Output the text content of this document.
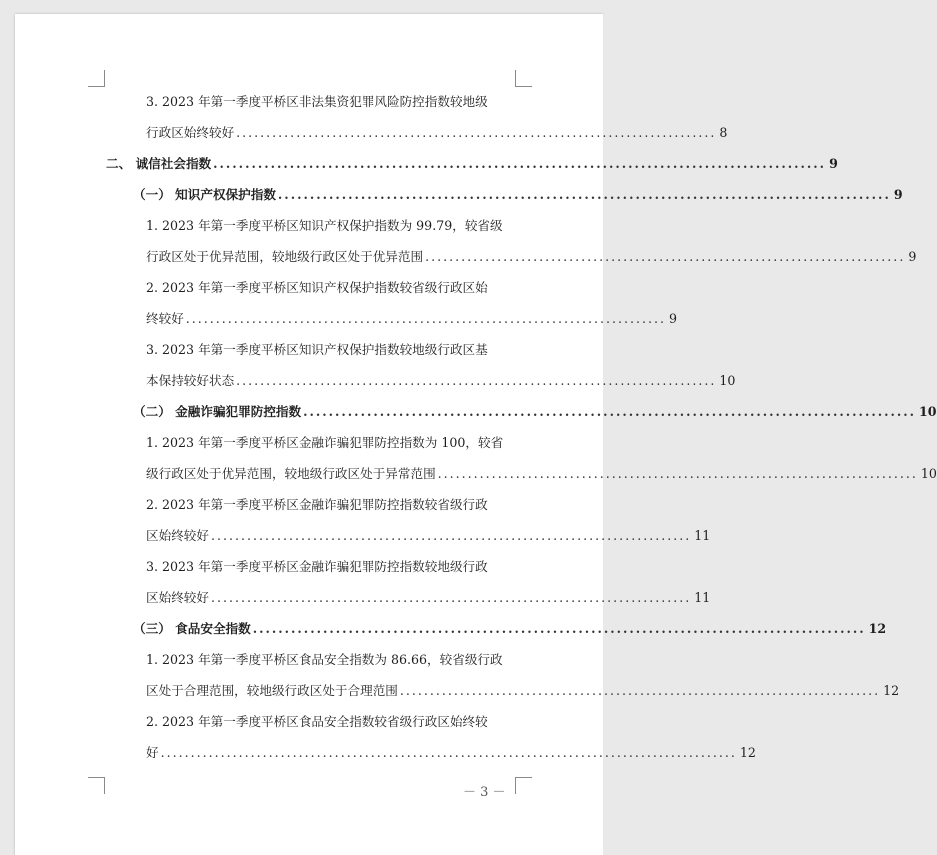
3. 2023 年第一季度平桥区非法集资犯罪风险防控指数较地级
行政区始终较好 ................................................................................ 8
二、 诚信社会指数 ................................................................................................ 9
（一） 知识产权保护指数 ................................................................................................ 9
1. 2023 年第一季度平桥区知识产权保护指数为 99.79，较省级
行政区处于优异范围，较地级行政区处于优异范围 ................................................................................ 9
2. 2023 年第一季度平桥区知识产权保护指数较省级行政区始
终较好 ................................................................................ 9
3. 2023 年第一季度平桥区知识产权保护指数较地级行政区基
本保持较好状态 ................................................................................ 10
（二） 金融诈骗犯罪防控指数 ................................................................................................ 10
1. 2023 年第一季度平桥区金融诈骗犯罪防控指数为 100，较省
级行政区处于优异范围，较地级行政区处于异常范围 ................................................................................ 10
2. 2023 年第一季度平桥区金融诈骗犯罪防控指数较省级行政
区始终较好 ................................................................................ 11
3. 2023 年第一季度平桥区金融诈骗犯罪防控指数较地级行政
区始终较好 ................................................................................ 11
（三） 食品安全指数 ................................................................................................ 12
1. 2023 年第一季度平桥区食品安全指数为 86.66，较省级行政
区处于合理范围，较地级行政区处于合理范围 ................................................................................ 12
2. 2023 年第一季度平桥区食品安全指数较省级行政区始终较
好 ................................................................................................ 12
－ 3 －
